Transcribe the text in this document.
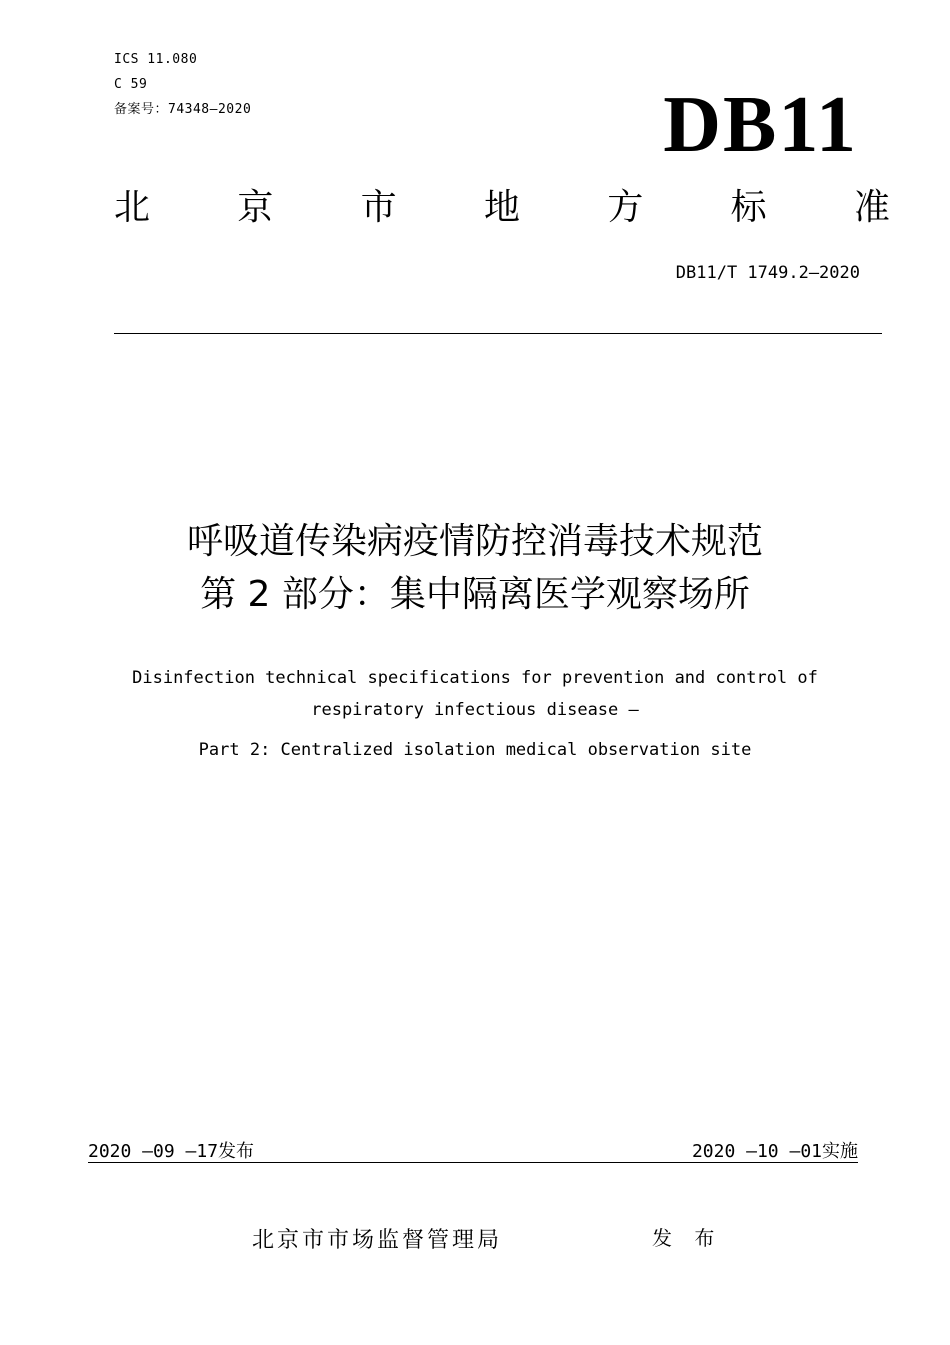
ICS 11.080
C 59
备案号：74348—2020	DB11
北 京 市 地 方 标 准
DB11/T 1749.2—2020
呼吸道传染病疫情防控消毒技术规范
第 2 部分：集中隔离医学观察场所
Disinfection technical specifications for prevention and control of
respiratory infectious disease —
Part 2: Centralized isolation medical observation site
2020 —09 —17发布	2020 —10 —01实施
北京市市场监督管理局	发 布
